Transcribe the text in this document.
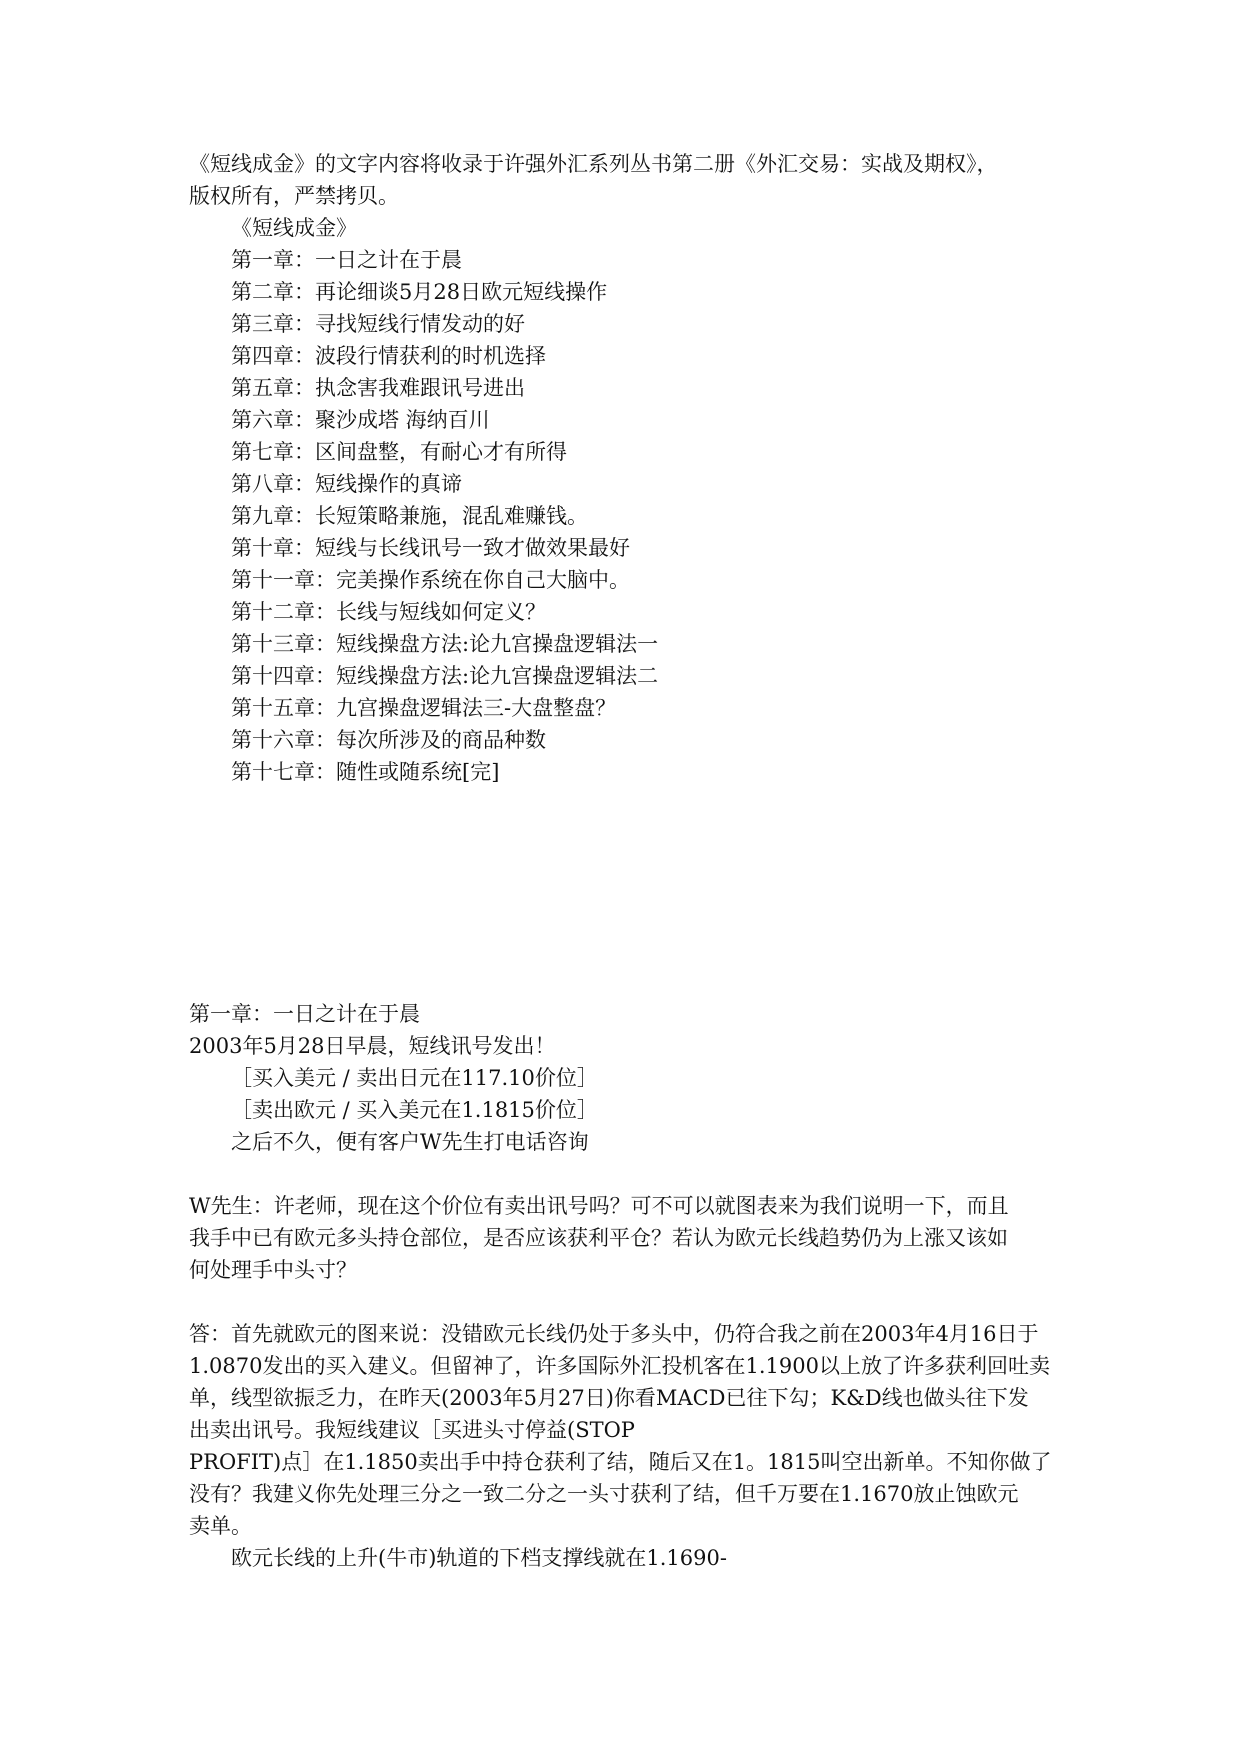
《短线成金》的文字内容将收录于许强外汇系列丛书第二册《外汇交易：实战及期权》，
版权所有，严禁拷贝。
《短线成金》
第一章：一日之计在于晨
第二章：再论细谈5月28日欧元短线操作
第三章：寻找短线行情发动的好
第四章：波段行情获利的时机选择
第五章：执念害我难跟讯号进出
第六章：聚沙成塔 海纳百川
第七章：区间盘整，有耐心才有所得
第八章：短线操作的真谛
第九章：长短策略兼施，混乱难赚钱。
第十章：短线与长线讯号一致才做效果最好
第十一章：完美操作系统在你自己大脑中。
第十二章：长线与短线如何定义？
第十三章：短线操盘方法:论九宫操盘逻辑法一
第十四章：短线操盘方法:论九宫操盘逻辑法二
第十五章：九宫操盘逻辑法三-大盘整盘？
第十六章：每次所涉及的商品种数
第十七章：随性或随系统[完]
第一章：一日之计在于晨
2003年5月28日早晨，短线讯号发出！
［买入美元 / 卖出日元在117.10价位］
［卖出欧元 / 买入美元在1.1815价位］
之后不久，便有客户W先生打电话咨询
W先生：许老师，现在这个价位有卖出讯号吗？可不可以就图表来为我们说明一下，而且
我手中已有欧元多头持仓部位，是否应该获利平仓？若认为欧元长线趋势仍为上涨又该如
何处理手中头寸？
答：首先就欧元的图来说：没错欧元长线仍处于多头中，仍符合我之前在2003年4月16日于
1.0870发出的买入建义。但留神了，许多国际外汇投机客在1.1900以上放了许多获利回吐卖
单，线型欲振乏力，在昨天(2003年5月27日)你看MACD已往下勾；K&D线也做头往下发
出卖出讯号。我短线建议［买进头寸停益(STOP
PROFIT)点］在1.1850卖出手中持仓获利了结，随后又在1。1815叫空出新单。不知你做了
没有？我建义你先处理三分之一致二分之一头寸获利了结，但千万要在1.1670放止蚀欧元
卖单。
欧元长线的上升(牛市)轨道的下档支撑线就在1.1690-
